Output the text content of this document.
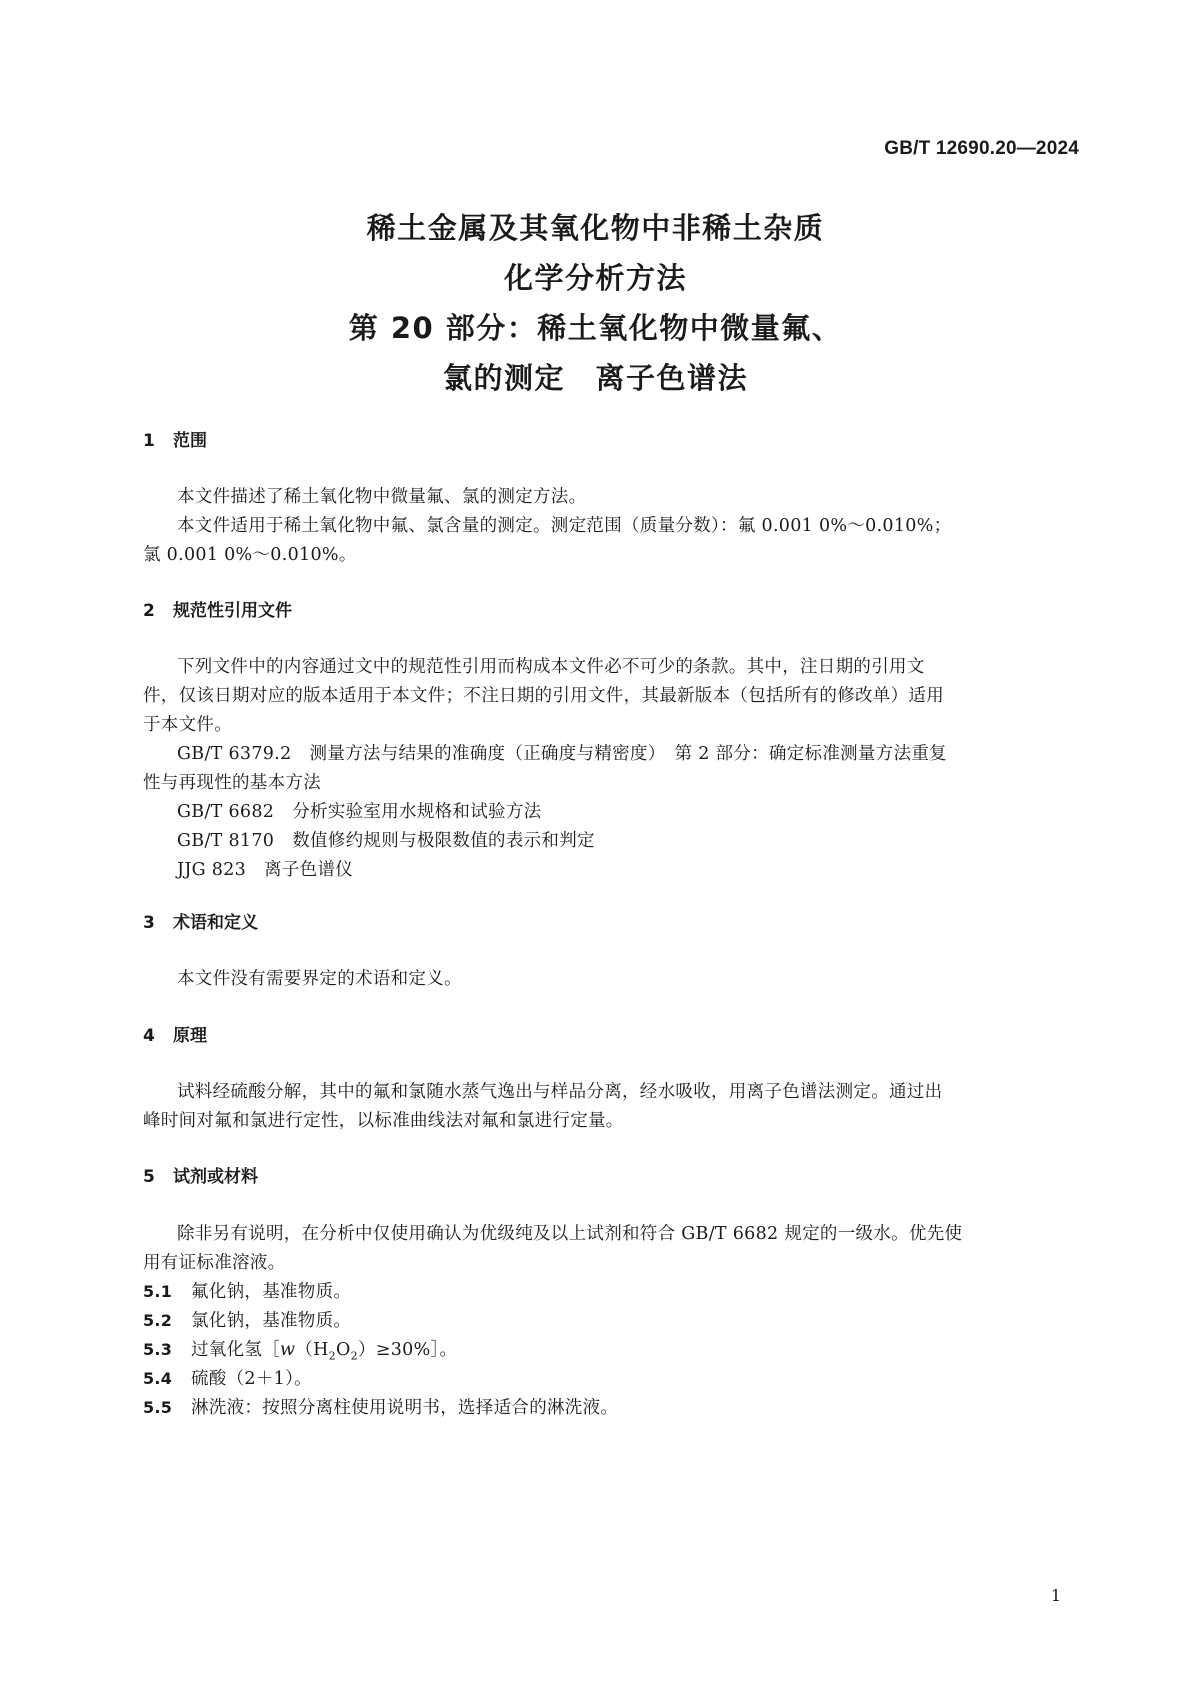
GB/T 12690.20—2024
稀土金属及其氧化物中非稀土杂质
化学分析方法
第 20 部分：稀土氧化物中微量氟、
氯的测定　离子色谱法
1 范围
本文件描述了稀土氧化物中微量氟、氯的测定方法。
本文件适用于稀土氧化物中氟、氯含量的测定。测定范围（质量分数）：氟 0.001 0%～0.010%；
氯 0.001 0%～0.010%。
2 规范性引用文件
下列文件中的内容通过文中的规范性引用而构成本文件必不可少的条款。其中，注日期的引用文
件，仅该日期对应的版本适用于本文件；不注日期的引用文件，其最新版本（包括所有的修改单）适用
于本文件。
GB/T 6379.2 测量方法与结果的准确度（正确度与精密度）　第 2 部分：确定标准测量方法重复
性与再现性的基本方法
GB/T 6682 分析实验室用水规格和试验方法
GB/T 8170 数值修约规则与极限数值的表示和判定
JJG 823 离子色谱仪
3 术语和定义
本文件没有需要界定的术语和定义。
4 原理
试料经硫酸分解，其中的氟和氯随水蒸气逸出与样品分离，经水吸收，用离子色谱法测定。通过出
峰时间对氟和氯进行定性，以标准曲线法对氟和氯进行定量。
5 试剂或材料
除非另有说明，在分析中仅使用确认为优级纯及以上试剂和符合 GB/T 6682 规定的一级水。优先使
用有证标准溶液。
5.1 氟化钠，基准物质。
5.2 氯化钠，基准物质。
5.3 过氧化氢$[w(H_2O_2)\ge 30\%]$。
5.4 硫酸（2＋1）。
5.5 淋洗液：按照分离柱使用说明书，选择适合的淋洗液。
1
